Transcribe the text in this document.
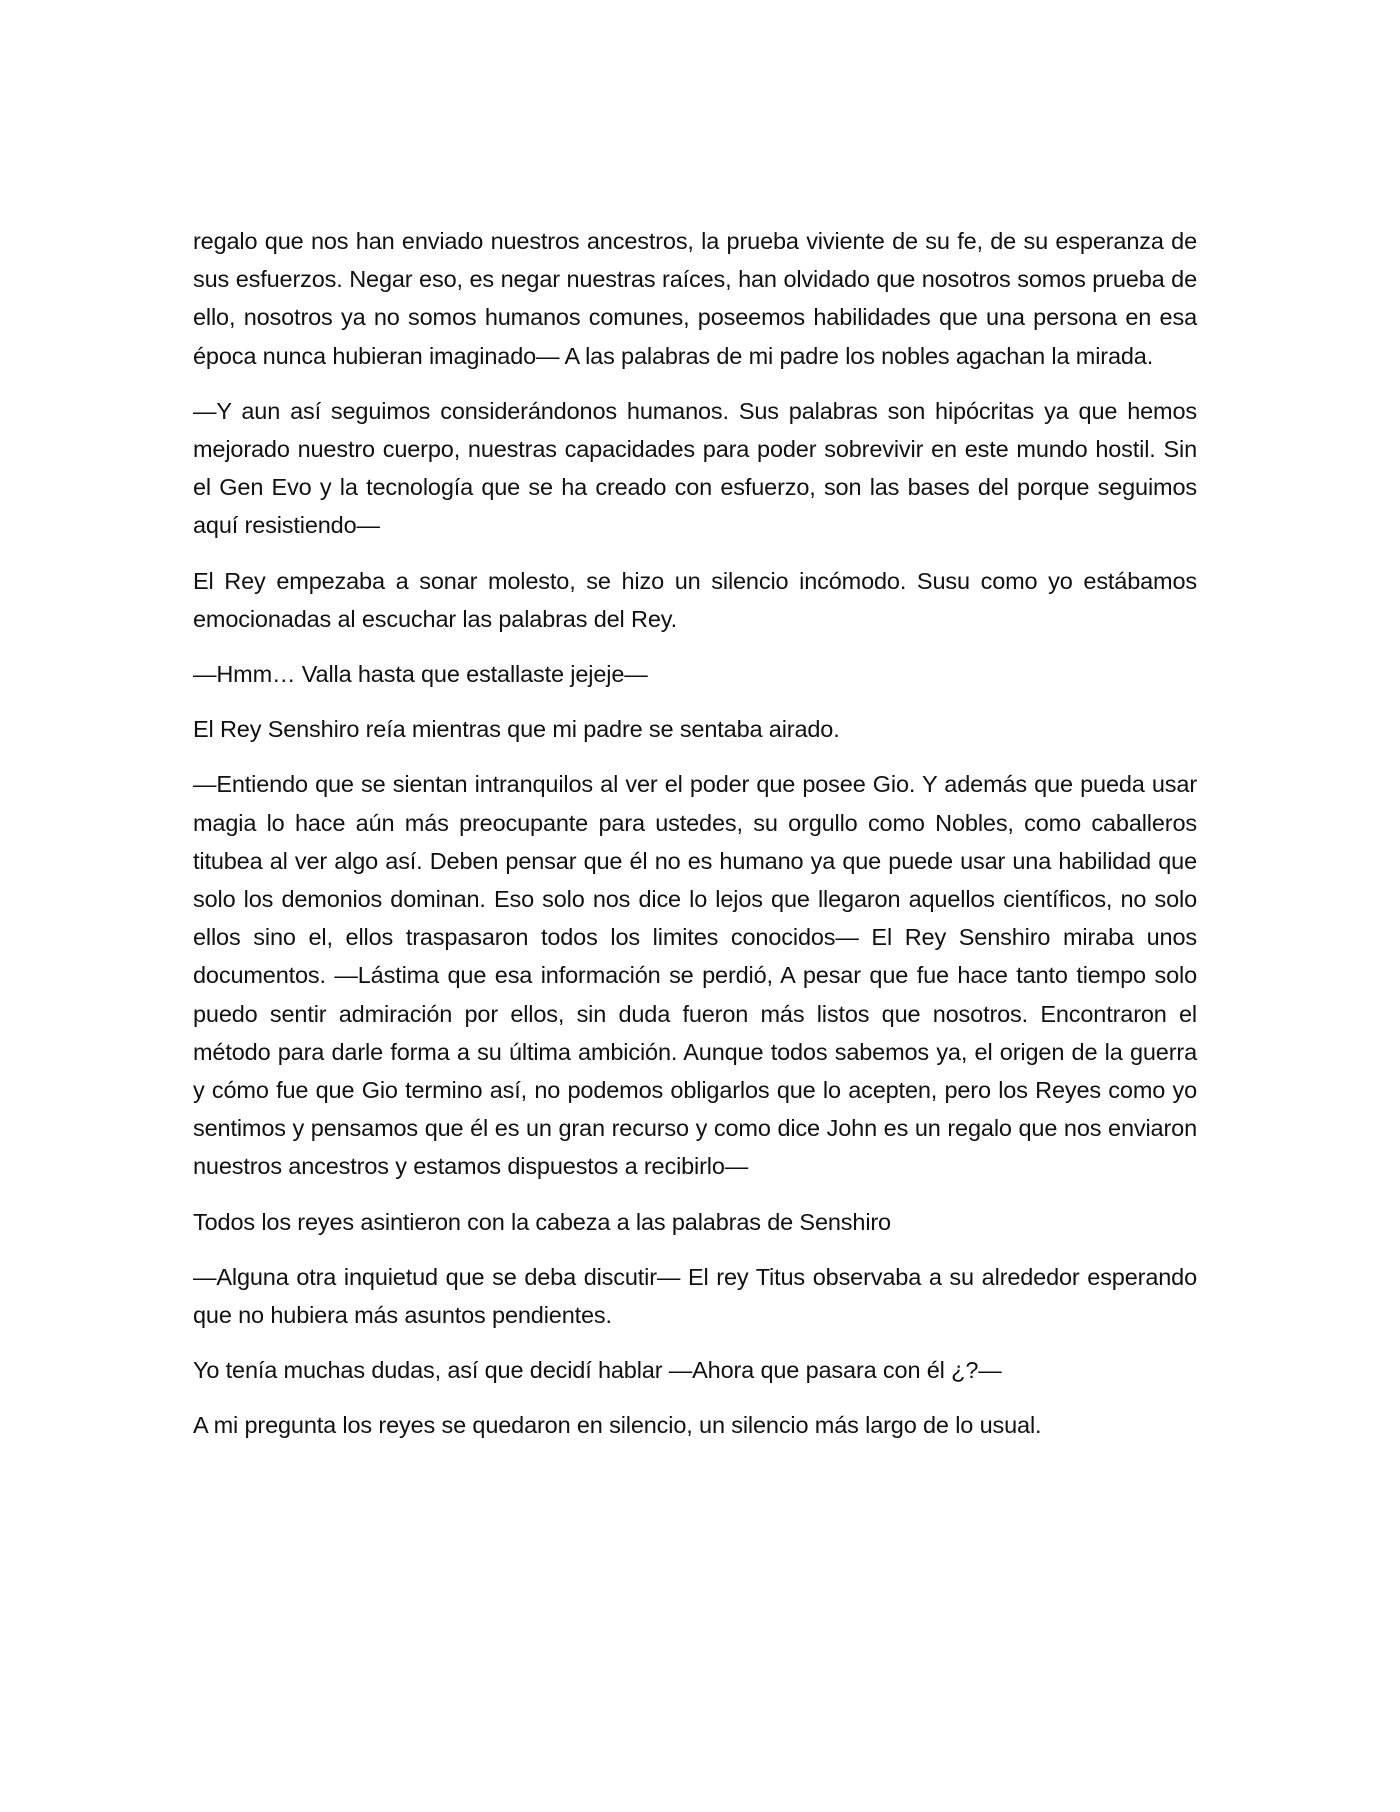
regalo que nos han enviado nuestros ancestros, la prueba viviente de su fe, de su esperanza de sus esfuerzos. Negar eso, es negar nuestras raíces, han olvidado que nosotros somos prueba de ello, nosotros ya no somos humanos comunes, poseemos habilidades que una persona en esa época nunca hubieran imaginado— A las palabras de mi padre los nobles agachan la mirada.

—Y aun así seguimos considerándonos humanos. Sus palabras son hipócritas ya que hemos mejorado nuestro cuerpo, nuestras capacidades para poder sobrevivir en este mundo hostil. Sin el Gen Evo y la tecnología que se ha creado con esfuerzo, son las bases del porque seguimos aquí resistiendo—

El Rey empezaba a sonar molesto, se hizo un silencio incómodo. Susu como yo estábamos emocionadas al escuchar las palabras del Rey.

—Hmm… Valla hasta que estallaste jejeje—

El Rey Senshiro reía mientras que mi padre se sentaba airado.

—Entiendo que se sientan intranquilos al ver el poder que posee Gio. Y además que pueda usar magia lo hace aún más preocupante para ustedes, su orgullo como Nobles, como caballeros titubea al ver algo así. Deben pensar que él no es humano ya que puede usar una habilidad que solo los demonios dominan. Eso solo nos dice lo lejos que llegaron aquellos científicos, no solo ellos sino el, ellos traspasaron todos los limites conocidos— El Rey Senshiro miraba unos documentos. —Lástima que esa información se perdió, A pesar que fue hace tanto tiempo solo puedo sentir admiración por ellos, sin duda fueron más listos que nosotros. Encontraron el método para darle forma a su última ambición. Aunque todos sabemos ya, el origen de la guerra y cómo fue que Gio termino así, no podemos obligarlos que lo acepten, pero los Reyes como yo sentimos y pensamos que él es un gran recurso y como dice John es un regalo que nos enviaron nuestros ancestros y estamos dispuestos a recibirlo—

Todos los reyes asintieron con la cabeza a las palabras de Senshiro

—Alguna otra inquietud que se deba discutir— El rey Titus observaba a su alrededor esperando que no hubiera más asuntos pendientes.

Yo tenía muchas dudas, así que decidí hablar —Ahora que pasara con él ¿?—

A mi pregunta los reyes se quedaron en silencio, un silencio más largo de lo usual.
